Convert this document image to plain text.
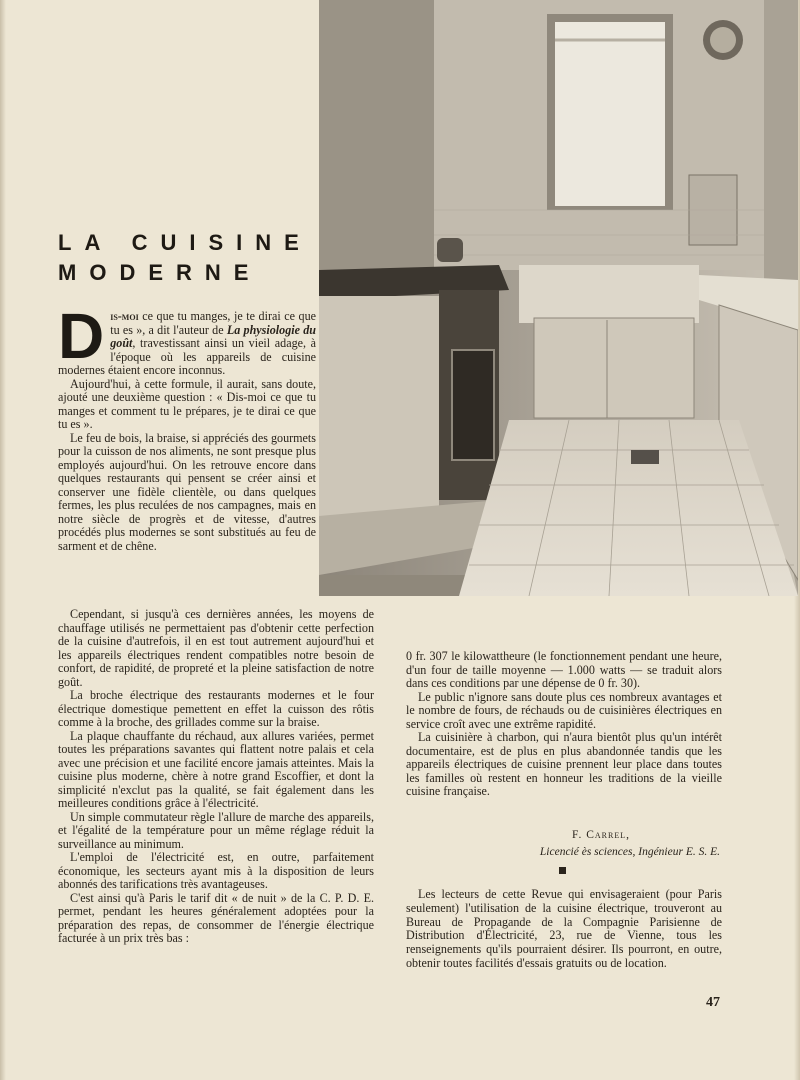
LA CUISINE
MODERNE

Dis-moi ce que tu manges, je te dirai ce que tu es », a dit l'auteur de La physiologie du goût, travestissant ainsi un vieil adage, à l'époque où les appareils de cuisine modernes étaient encore inconnus.

Aujourd'hui, à cette formule, il aurait, sans doute, ajouté une deuxième question : « Dis-moi ce que tu manges et comment tu le prépares, je te dirai ce que tu es ».

Le feu de bois, la braise, si appréciés des gourmets pour la cuisson de nos aliments, ne sont presque plus employés aujourd'hui. On les retrouve encore dans quelques restaurants qui pensent se créer ainsi et conserver une fidèle clientèle, ou dans quelques fermes, les plus reculées de nos campagnes, mais en notre siècle de progrès et de vitesse, d'autres procédés plus modernes se sont substitués au feu de sarment et de chêne.

Cependant, si jusqu'à ces dernières années, les moyens de chauffage utilisés ne permettaient pas d'obtenir cette perfection de la cuisine d'autrefois, il en est tout autrement aujourd'hui et les appareils électriques rendent compatibles notre besoin de confort, de rapidité, de propreté et la pleine satisfaction de notre goût.

La broche électrique des restaurants modernes et le four électrique domestique pemettent en effet la cuisson des rôtis comme à la broche, des grillades comme sur la braise.

La plaque chauffante du réchaud, aux allures variées, permet toutes les préparations savantes qui flattent notre palais et cela avec une précision et une facilité encore jamais atteintes. Mais la cuisine plus moderne, chère à notre grand Escoffier, et dont la simplicité n'exclut pas la qualité, se fait également dans les meilleures conditions grâce à l'électricité.

Un simple commutateur règle l'allure de marche des appareils, et l'égalité de la température pour un même réglage réduit la surveillance au minimum.

L'emploi de l'électricité est, en outre, parfaitement économique, les secteurs ayant mis à la disposition de leurs abonnés des tarifications très avantageuses.

C'est ainsi qu'à Paris le tarif dit « de nuit » de la C. P. D. E. permet, pendant les heures généralement adoptées pour la préparation des repas, de consommer de l'énergie électrique facturée à un prix très bas :

0 fr. 307 le kilowattheure (le fonctionnement pendant une heure, d'un four de taille moyenne — 1.000 watts — se traduit alors dans ces conditions par une dépense de 0 fr. 30).

Le public n'ignore sans doute plus ces nombreux avantages et le nombre de fours, de réchauds ou de cuisinières électriques en service croît avec une extrême rapidité.

La cuisinière à charbon, qui n'aura bientôt plus qu'un intérêt documentaire, est de plus en plus abandonnée tandis que les appareils électriques de cuisine prennent leur place dans toutes les familles où restent en honneur les traditions de la vieille cuisine française.

F. Carrel,
Licencié ès sciences, Ingénieur E. S. E.

Les lecteurs de cette Revue qui envisageraient (pour Paris seulement) l'utilisation de la cuisine électrique, trouveront au Bureau de Propagande de la Compagnie Parisienne de Distribution d'Électricité, 23, rue de Vienne, tous les renseignements qu'ils pourraient désirer. Ils pourront, en outre, obtenir toutes facilités d'essais gratuits ou de location.

47
